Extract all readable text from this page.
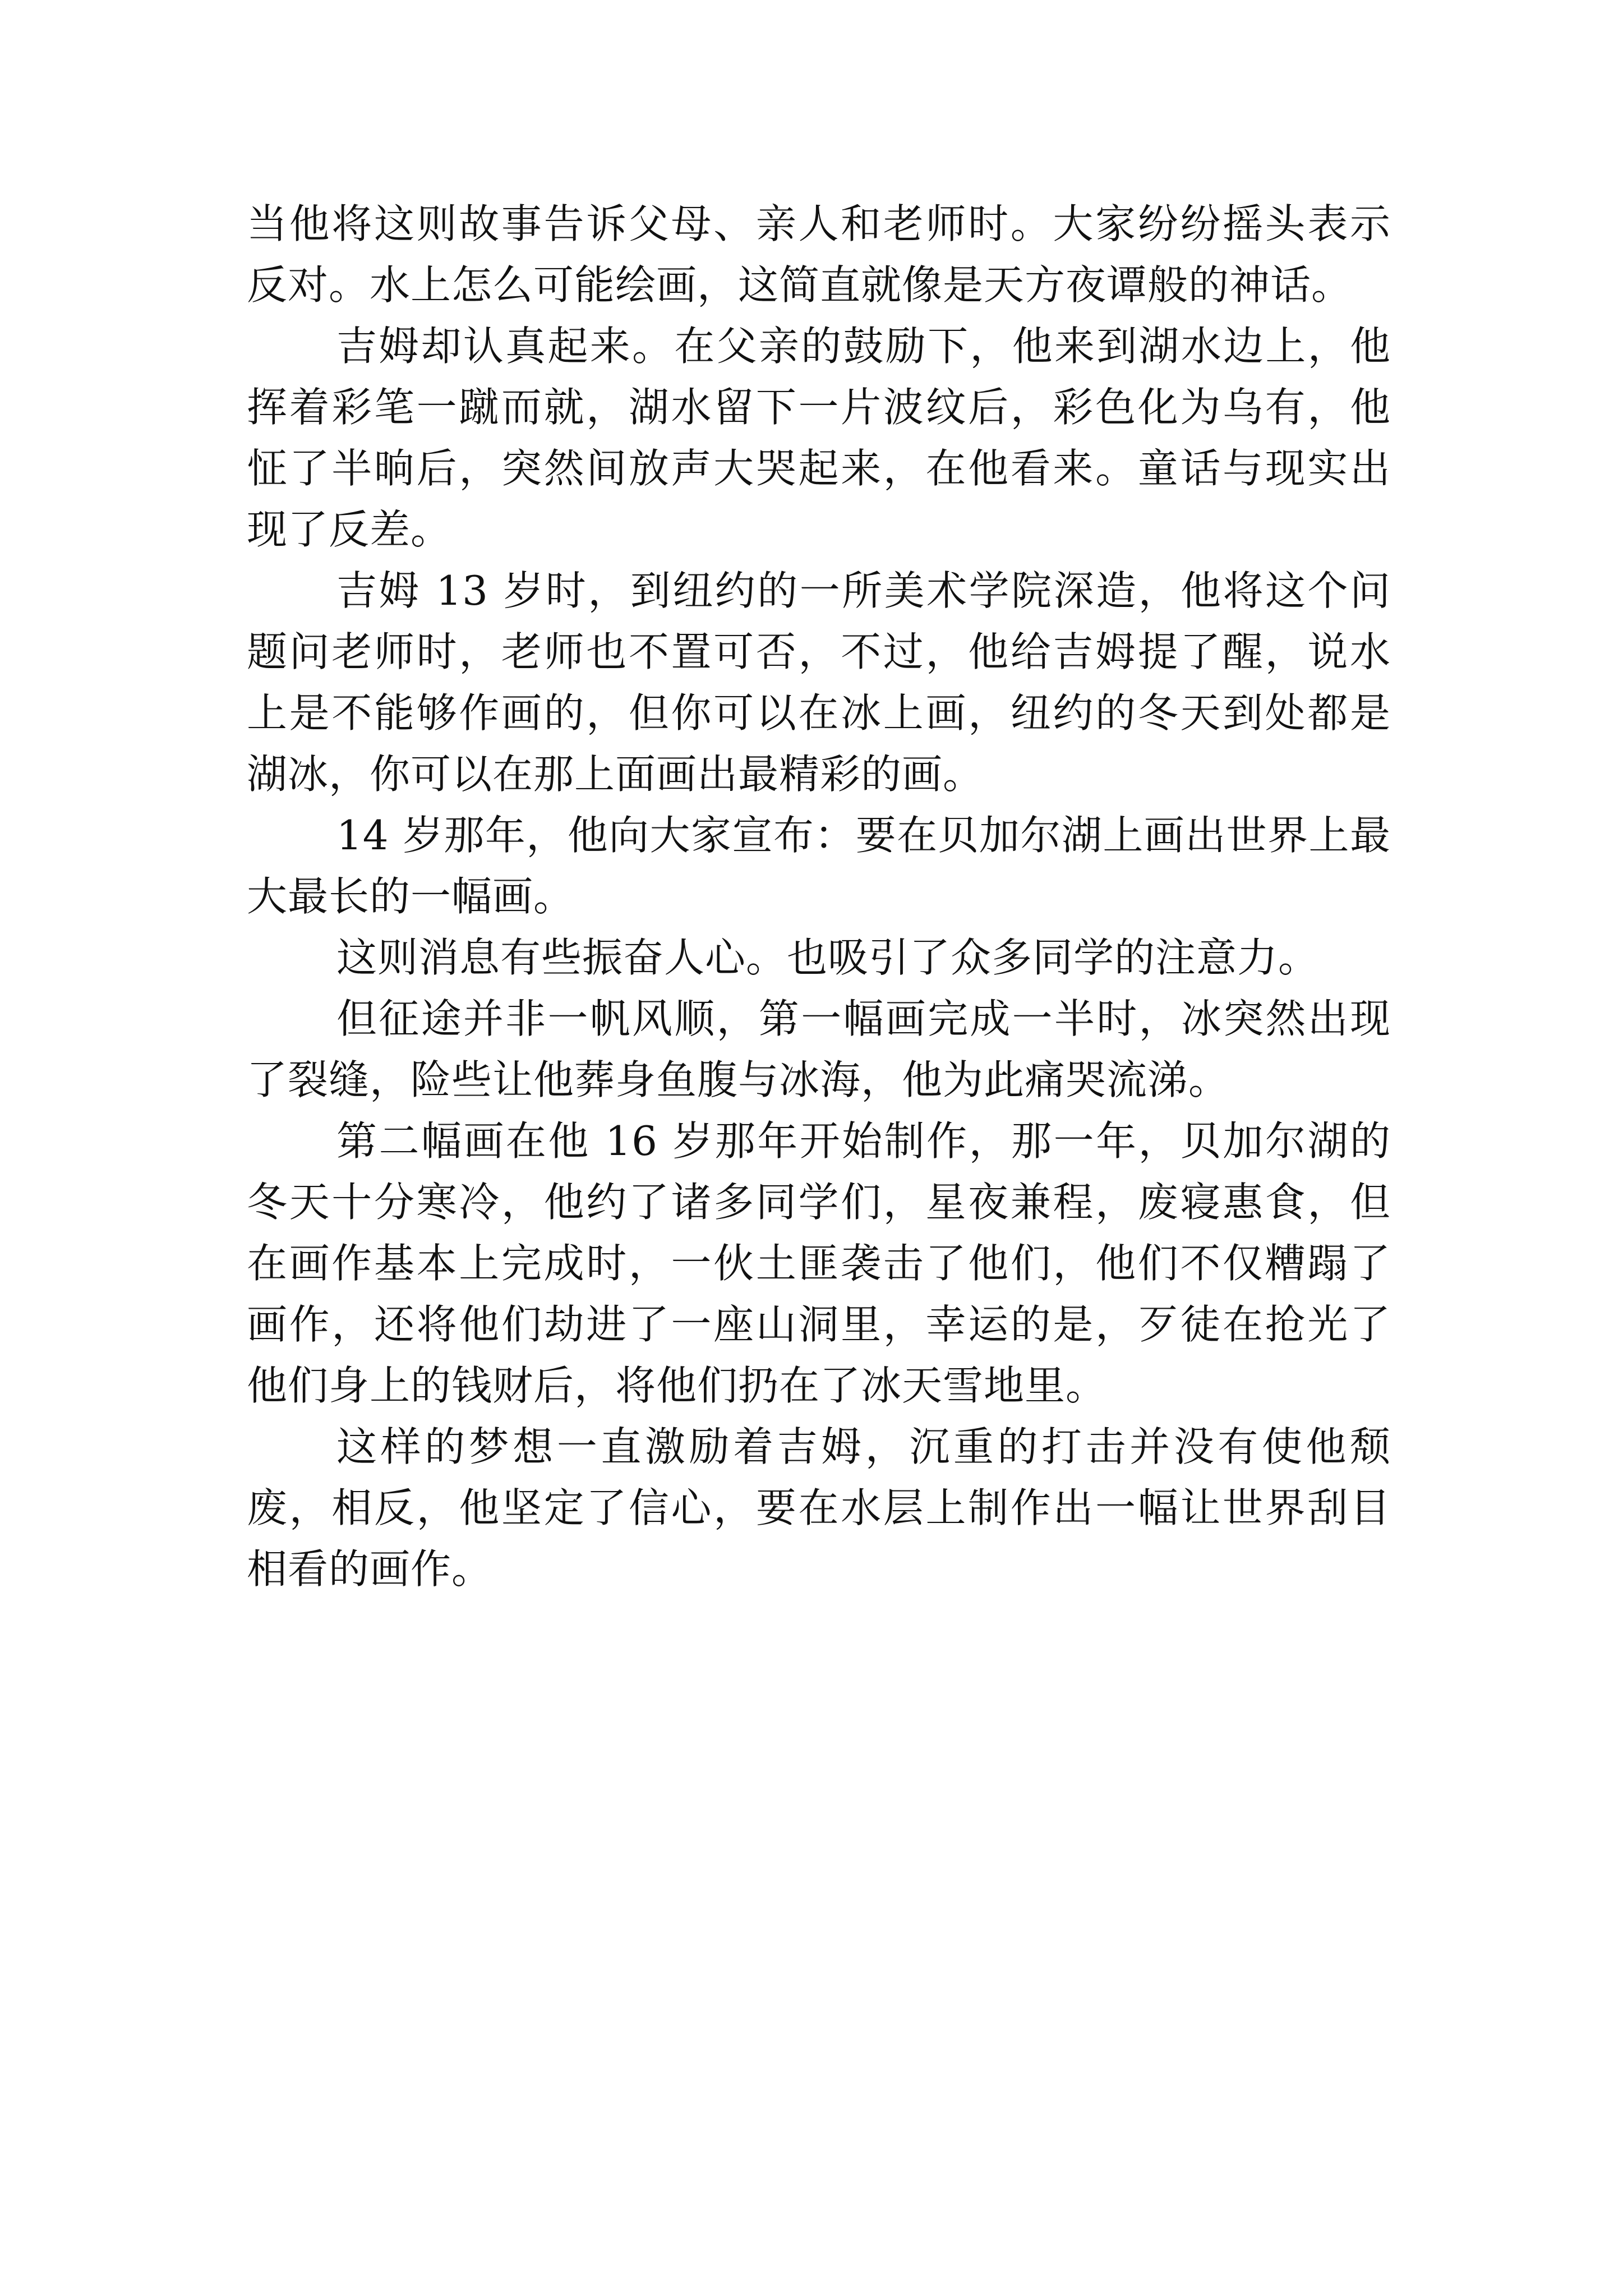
当他将这则故事告诉父母、亲人和老师时。大家纷纷摇头表示反对。水上怎么可能绘画，这简直就像是天方夜谭般的神话。

吉姆却认真起来。在父亲的鼓励下，他来到湖水边上，他挥着彩笔一蹴而就，湖水留下一片波纹后，彩色化为乌有，他怔了半晌后，突然间放声大哭起来，在他看来。童话与现实出现了反差。

吉姆 13 岁时，到纽约的一所美术学院深造，他将这个问题问老师时，老师也不置可否，不过，他给吉姆提了醒，说水上是不能够作画的，但你可以在冰上画，纽约的冬天到处都是湖冰，你可以在那上面画出最精彩的画。

14 岁那年，他向大家宣布：要在贝加尔湖上画出世界上最大最长的一幅画。

这则消息有些振奋人心。也吸引了众多同学的注意力。

但征途并非一帆风顺，第一幅画完成一半时，冰突然出现了裂缝，险些让他葬身鱼腹与冰海，他为此痛哭流涕。

第二幅画在他 16 岁那年开始制作，那一年，贝加尔湖的冬天十分寒冷，他约了诸多同学们，星夜兼程，废寝惠食，但在画作基本上完成时，一伙土匪袭击了他们，他们不仅糟蹋了画作，还将他们劫进了一座山洞里，幸运的是，歹徒在抢光了他们身上的钱财后，将他们扔在了冰天雪地里。

这样的梦想一直激励着吉姆，沉重的打击并没有使他颓废，相反，他坚定了信心，要在水层上制作出一幅让世界刮目相看的画作。
